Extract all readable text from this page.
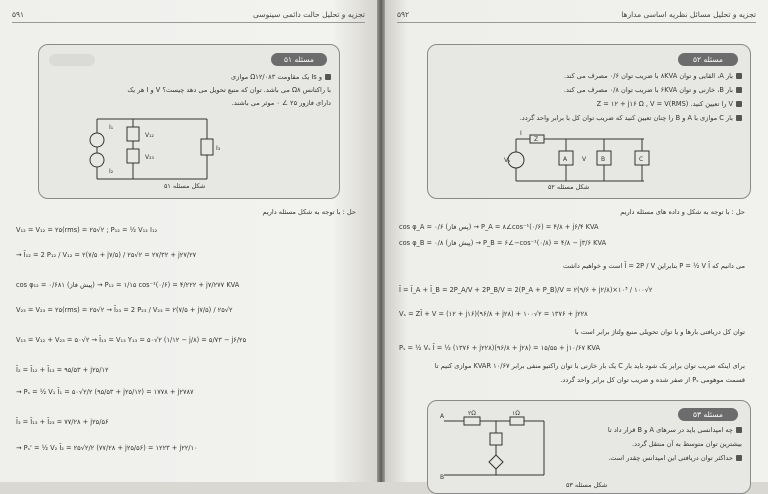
تجزیه و تحلیل حالت دائمی سینوسی
۵۹۱
مسئله ۵۱
و Is یک مقاومت Ω۱۲/۰۸۳ موازی
با راکتانس Ω۸ می باشد. توان که منبع تحویل می دهد چیست؟ V و I هر یک
دارای فازور ۲۵ ∠ ۰ موثر می باشند.
I₁
I₂
V₁₂
V₂₃
I₃
شکل مسئله ۵۱
حل : با توجه به شکل مسئله داریم
V₁₂ = V₁₂ = ۲۵(rms) = ۲۵√۲ ; P₁₂ = ½ V₁₂ I₁₂
→ Ī₁₂ = 2 P₁₂ / V₁₂ = ۲(۷/۵ + j۷/۵) / ۲۵√۲ = ۲۷/۳۲ + j۲۷/۲۷
cos φ₁₂ = ۰/۶۸۱ (پیش فاز) → P₁₂ = ۱/۱۵ cos⁻¹(۰/۶) = ۴/۲۲۲ + j۷/۲۷۷ KVA
V₂₃ = V₂₃ = ۲۵(rms) = ۲۵√۲ → Ī₂₃ = 2 P₂₃ / V₂₃ = ۲(۷/۵ + j۷/۵) / ۲۵√۲
V₁₃ = V₁₂ + V₂₃ = ۵۰√۲ → Ī₁₃ = V₁₃ Y₁₃ = ۵۰√۲ (۱/۱۲ − j/۸) = ۵/۷۳ − j۶/۲۵
Ī₂ = Ī₁₂ + Ī₁₃ = ۹۵/۵۳ + j۲۵/۱۲
→ Pₛ = ½ V₁ Ī₁ = ۵۰√۲/۲ (۹۵/۵۳ + j۲۵/۱۲) = ۱۷۷۸ + j۲۷۸۷
Ī₃ = Ī₁₃ + Ī₂₃ = ۷۷/۲۸ + j۲۵/۵۶
→ Pₛ' = ½ V₂ Ī₂ = ۲۵√۲/۲ (۷۷/۲۸ + j۲۵/۵۶) = ۱۲۲۳ + j۲۲/۱۰
تجزیه و تحلیل مسائل نظریه اساسی مدارها
۵۹۲
مسئله ۵۲
بار A، القایی و توان ۸KVA با ضریب توان ۰/۶ مصرف می کند.
بار B، خازنی و توان ۶KVA با ضریب توان ۰/۸ مصرف می کند.
V را تعیین کنید. Z = ۱۲ + j۱۶ Ω , V = V(RMS)
بار C موازی با A و B را چنان تعیین کنید که ضریب توان کل با برابر واحد گردد.
Z
A	B	C
Vₛ	V
I
شکل مسئله ۵۲
حل : با توجه به شکل و داده های مسئله داریم
cos φ_A = ۰/۶ (پس فاز) → P_A = ۸∠cos⁻¹(۰/۶) = ۴/۸ + j۶/۴ KVA
cos φ_B = ۰/۸ (پیش فاز) → P_B = ۶∠−cos⁻¹(۰/۸) = ۴/۸ − j۳/۶ KVA
می دانیم که P = ½ V Ī بنابراین Ī = 2P / V است و خواهیم داشت
Ī = Ī_A + Ī_B = 2P_A/V + 2P_B/V = 2(P_A + P_B)/V = ۲(۹/۶ + j۲/۸)×۱۰³ / ۱۰۰√۲
Vₛ = ZĪ + V = (۱۲ + j۱۶)(۹۶/۸ + j۲۸) + ۱۰۰√۲ = ۱۳۷۶ + j۲۲۸
توان کل دریافتی بارها و یا توان تحویلی منبع ولتاژ برابر است با
Pₛ = ½ Vₛ Ī = ½ (۱۳۷۶ + j۲۲۸)(۹۶/۸ + j۲۸) = ۱۵/۵۵ + j۱۰/۶۷ KVA
برای اینکه ضریب توان برابر یک شود باید بار C یک بار خازنی با توان راکتیو منفی برابر ۱۰/۶۷ KVAR موازی کنیم تا
قسمت موهومی Pₛ از صفر شده و ضریب توان کل برابر واحد گردد.
مسئله ۵۳
چه امپدانسی باید در سرهای A و B قرار داد تا
بیشترین توان متوسط به آن منتقل گردد.
حداکثر توان دریافتی این امپدانس چقدر است.
A
B
۲Ω	۱Ω
شکل مسئله ۵۳
